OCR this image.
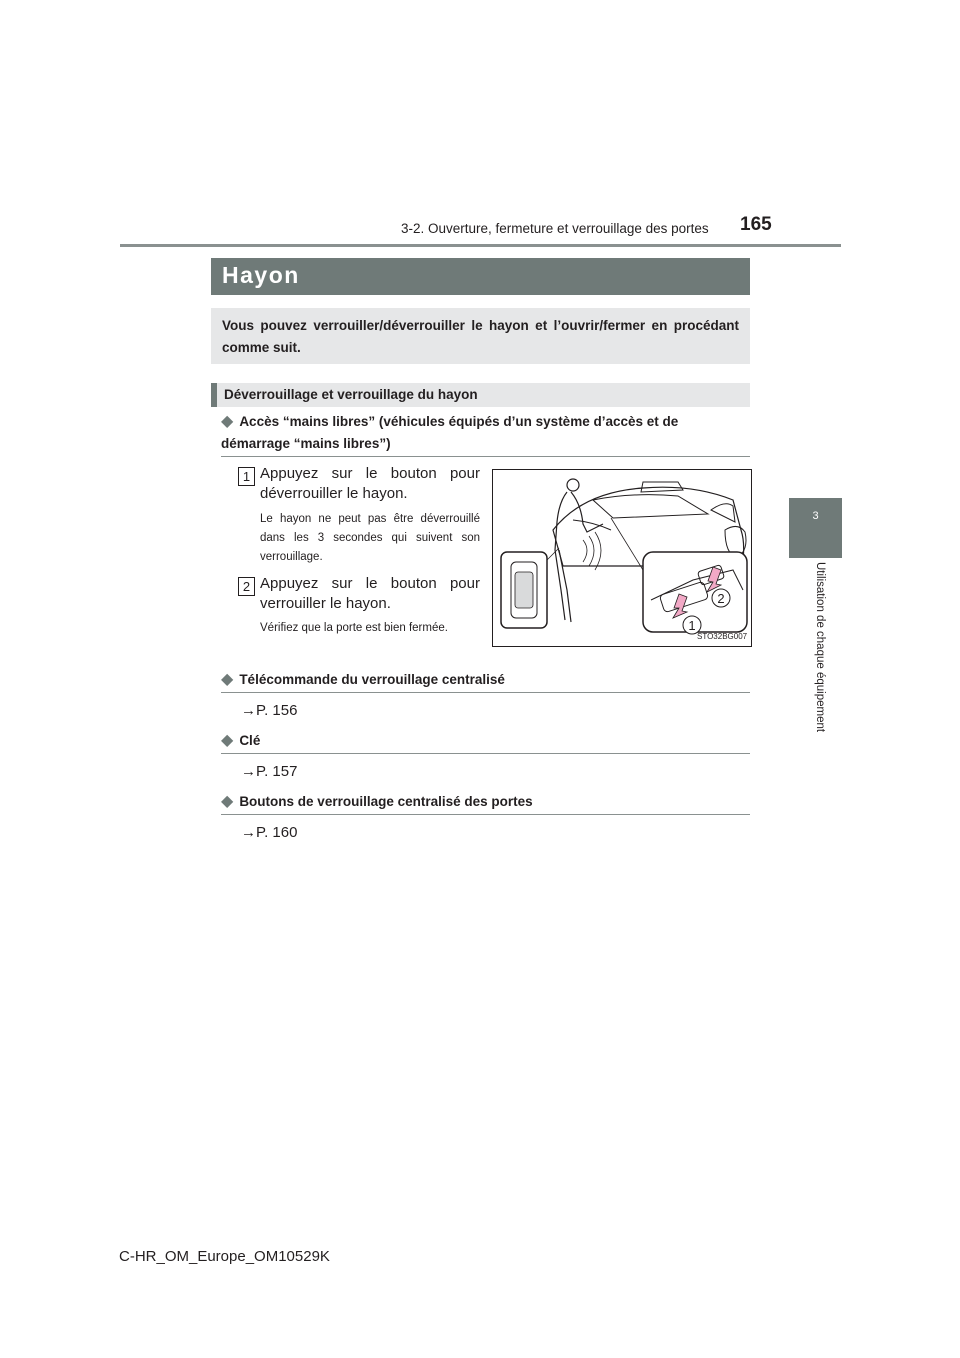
3-2. Ouverture, fermeture et verrouillage des portes 165
3
Utilisation de chaque équipement
Hayon
Vous pouvez verrouiller/déverrouiller le hayon et l’ouvrir/fermer en procédant comme suit.
Déverrouillage et verrouillage du hayon
◆ Accès “mains libres” (véhicules équipés d’un système d’accès et de démarrage “mains libres”)
1 Appuyez sur le bouton pour déverrouiller le hayon.
Le hayon ne peut pas être déverrouillé dans les 3 secondes qui suivent son verrouillage.
2 Appuyez sur le bouton pour verrouiller le hayon.
Vérifiez que la porte est bien fermée.	1
2
STO32BG007
◆ Télécommande du verrouillage centralisé
→P. 156
◆ Clé
→P. 157
◆ Boutons de verrouillage centralisé des portes
→P. 160
C-HR_OM_Europe_OM10529K
